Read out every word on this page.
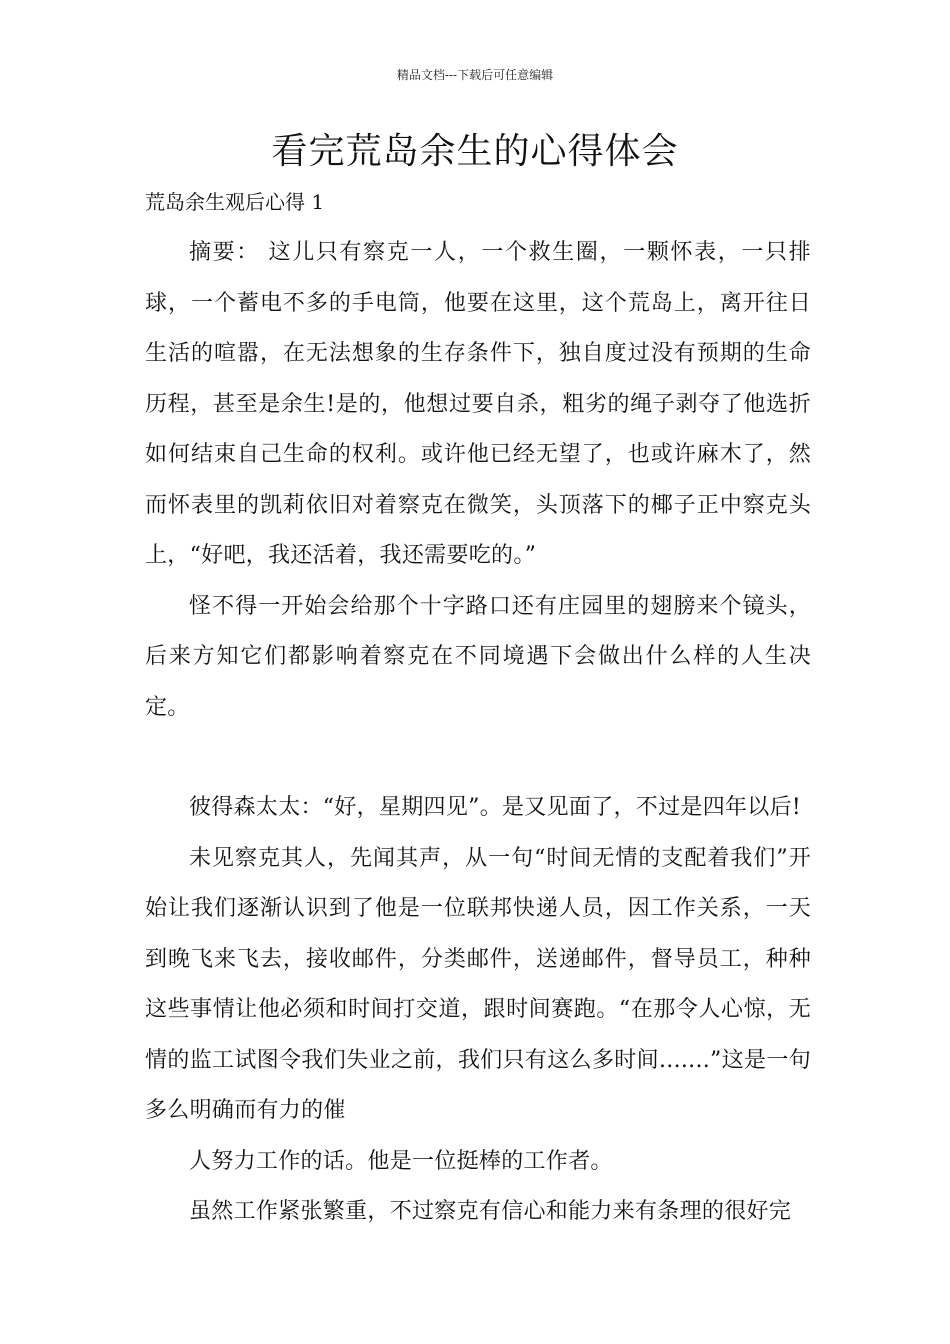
精品文档---下载后可任意编辑
看完荒岛余生的心得体会

荒岛余生观后心得 1

摘要： 这儿只有察克一人，一个救生圈，一颗怀表，一只排球，一个蓄电不多的手电筒，他要在这里，这个荒岛上，离开往日生活的喧嚣，在无法想象的生存条件下，独自度过没有预期的生命历程，甚至是余生!是的，他想过要自杀，粗劣的绳子剥夺了他选折如何结束自己生命的权利。或许他已经无望了，也或许麻木了，然而怀表里的凯莉依旧对着察克在微笑，头顶落下的椰子正中察克头上，“好吧，我还活着，我还需要吃的。”

怪不得一开始会给那个十字路口还有庄园里的翅膀来个镜头，后来方知它们都影响着察克在不同境遇下会做出什么样的人生决定。

彼得森太太：“好，星期四见”。是又见面了，不过是四年以后!

未见察克其人，先闻其声，从一句“时间无情的支配着我们”开始让我们逐渐认识到了他是一位联邦快递人员，因工作关系，一天到晚飞来飞去，接收邮件，分类邮件，送递邮件，督导员工，种种这些事情让他必须和时间打交道，跟时间赛跑。“在那令人心惊，无情的监工试图令我们失业之前，我们只有这么多时间.......”这是一句多么明确而有力的催

人努力工作的话。他是一位挺棒的工作者。

虽然工作紧张繁重，不过察克有信心和能力来有条理的很好完
